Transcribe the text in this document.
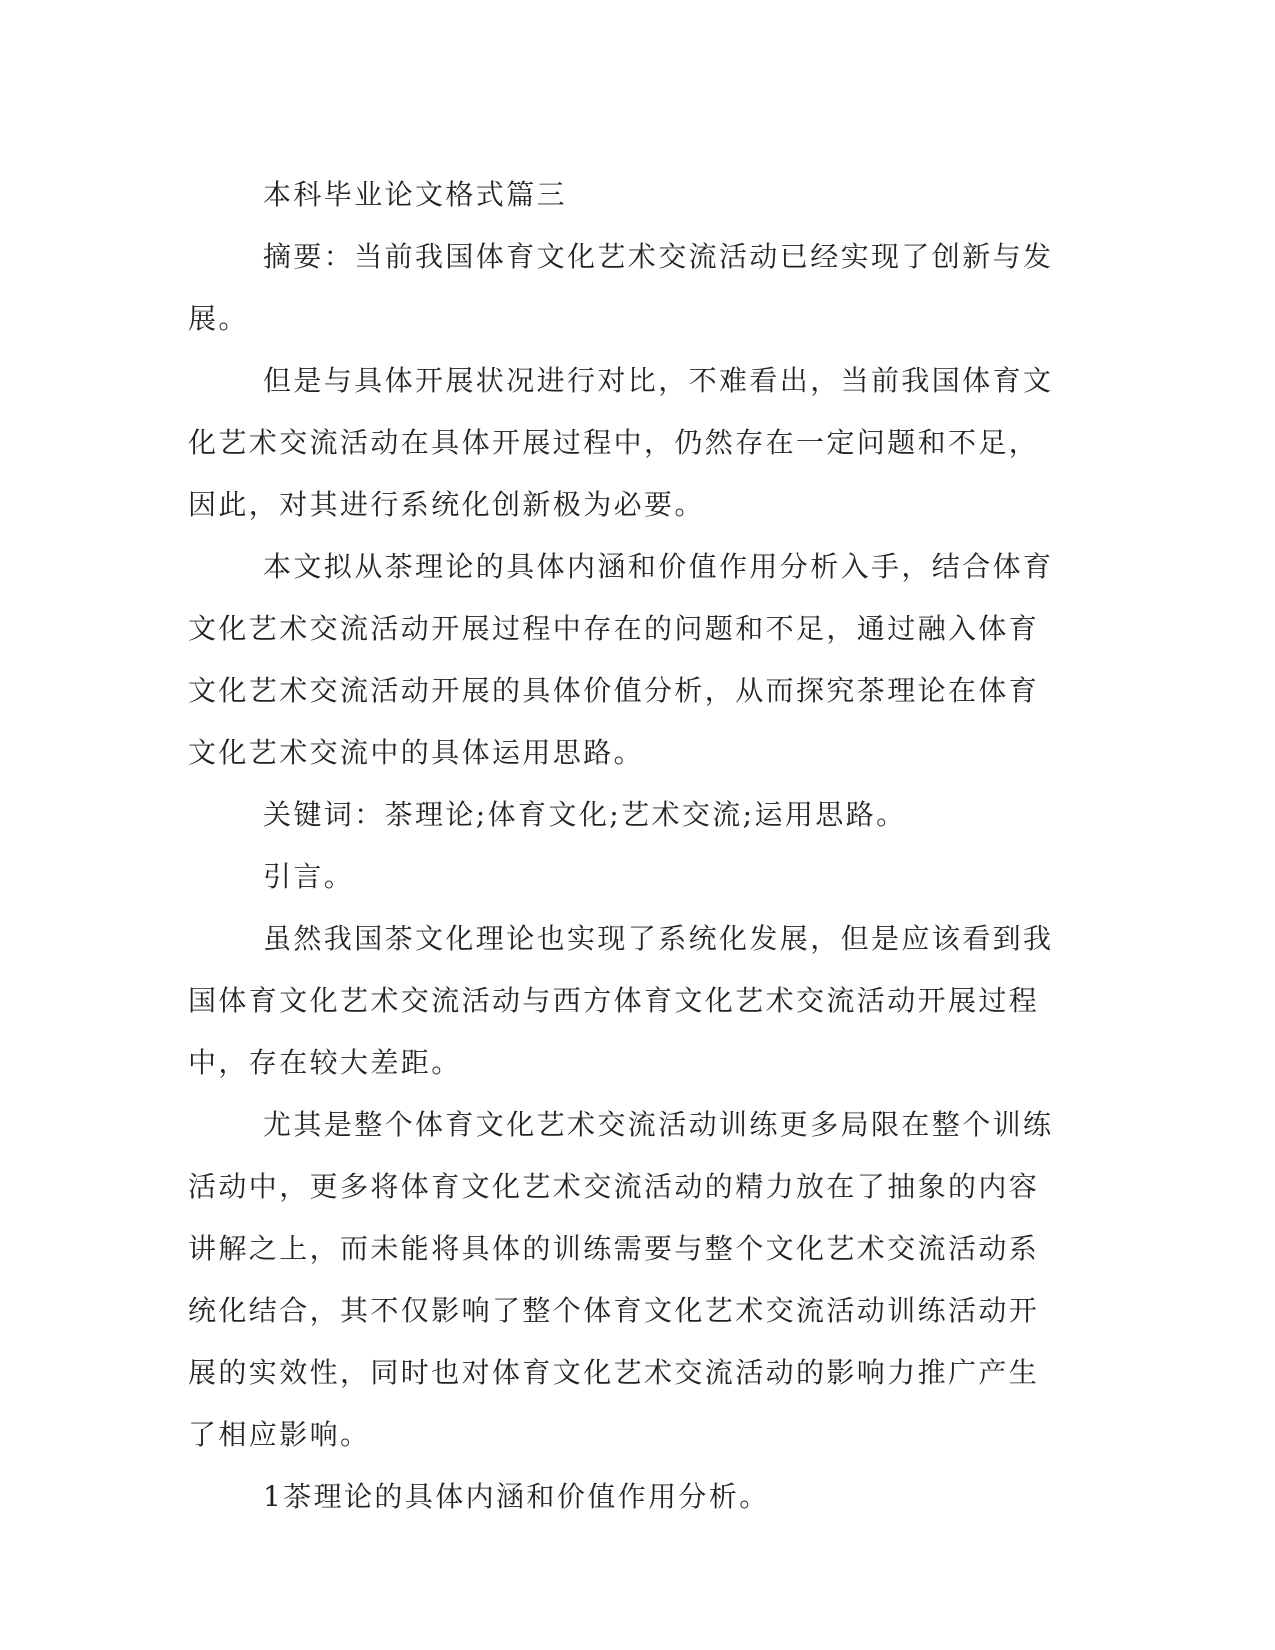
本科毕业论文格式篇三

摘要：当前我国体育文化艺术交流活动已经实现了创新与发展。

但是与具体开展状况进行对比，不难看出，当前我国体育文化艺术交流活动在具体开展过程中，仍然存在一定问题和不足，因此，对其进行系统化创新极为必要。

本文拟从茶理论的具体内涵和价值作用分析入手，结合体育文化艺术交流活动开展过程中存在的问题和不足，通过融入体育文化艺术交流活动开展的具体价值分析，从而探究茶理论在体育文化艺术交流中的具体运用思路。

关键词：茶理论;体育文化;艺术交流;运用思路。

引言。

虽然我国茶文化理论也实现了系统化发展，但是应该看到我国体育文化艺术交流活动与西方体育文化艺术交流活动开展过程中，存在较大差距。

尤其是整个体育文化艺术交流活动训练更多局限在整个训练活动中，更多将体育文化艺术交流活动的精力放在了抽象的内容讲解之上，而未能将具体的训练需要与整个文化艺术交流活动系统化结合，其不仅影响了整个体育文化艺术交流活动训练活动开展的实效性，同时也对体育文化艺术交流活动的影响力推广产生了相应影响。

1茶理论的具体内涵和价值作用分析。
